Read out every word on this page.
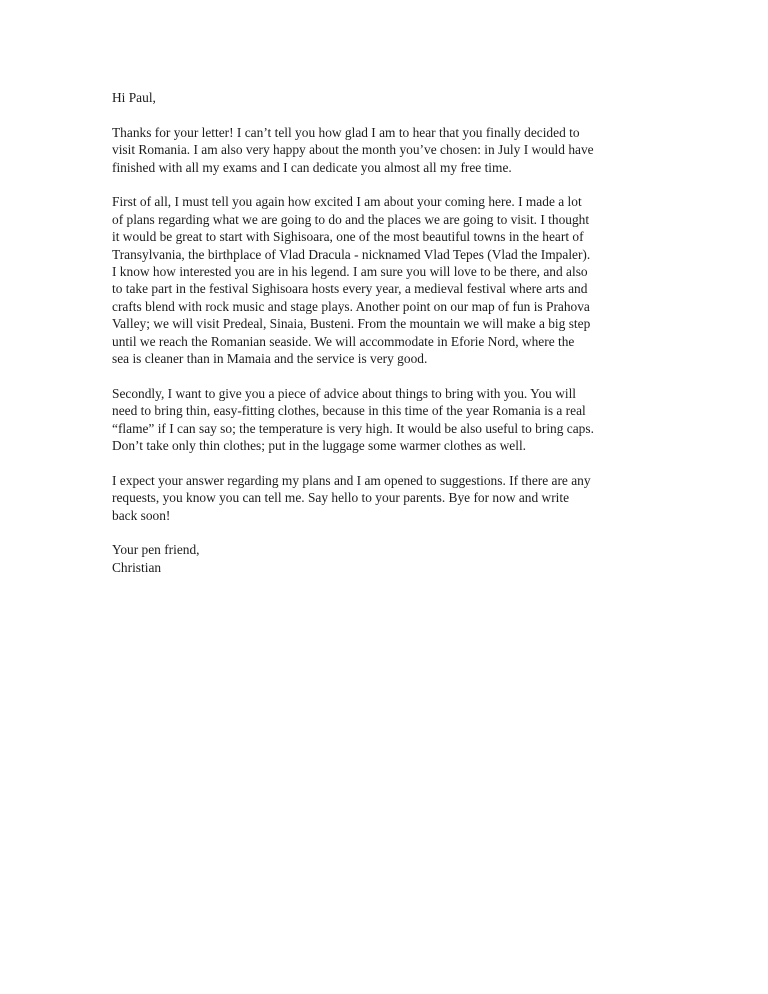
Hi Paul,
Thanks for your letter! I can’t tell you how glad I am to hear that you finally decided to
visit Romania. I am also very happy about the month you’ve chosen: in July I would have
finished with all my exams and I can dedicate you almost all my free time.
First of all, I must tell you again how excited I am about your coming here. I made a lot
of plans regarding what we are going to do and the places we are going to visit. I thought
it would be great to start with Sighisoara, one of the most beautiful towns in the heart of
Transylvania, the birthplace of Vlad Dracula - nicknamed Vlad Tepes (Vlad the Impaler).
I know how interested you are in his legend. I am sure you will love to be there, and also
to take part in the festival Sighisoara hosts every year, a medieval festival where arts and
crafts blend with rock music and stage plays. Another point on our map of fun is Prahova
Valley; we will visit Predeal, Sinaia, Busteni. From the mountain we will make a big step
until we reach the Romanian seaside. We will accommodate in Eforie Nord, where the
sea is cleaner than in Mamaia and the service is very good.
Secondly, I want to give you a piece of advice about things to bring with you. You will
need to bring thin, easy-fitting clothes, because in this time of the year Romania is a real
“flame” if I can say so; the temperature is very high. It would be also useful to bring caps.
Don’t take only thin clothes; put in the luggage some warmer clothes as well.
I expect your answer regarding my plans and I am opened to suggestions. If there are any
requests, you know you can tell me. Say hello to your parents. Bye for now and write
back soon!
Your pen friend,
Christian
